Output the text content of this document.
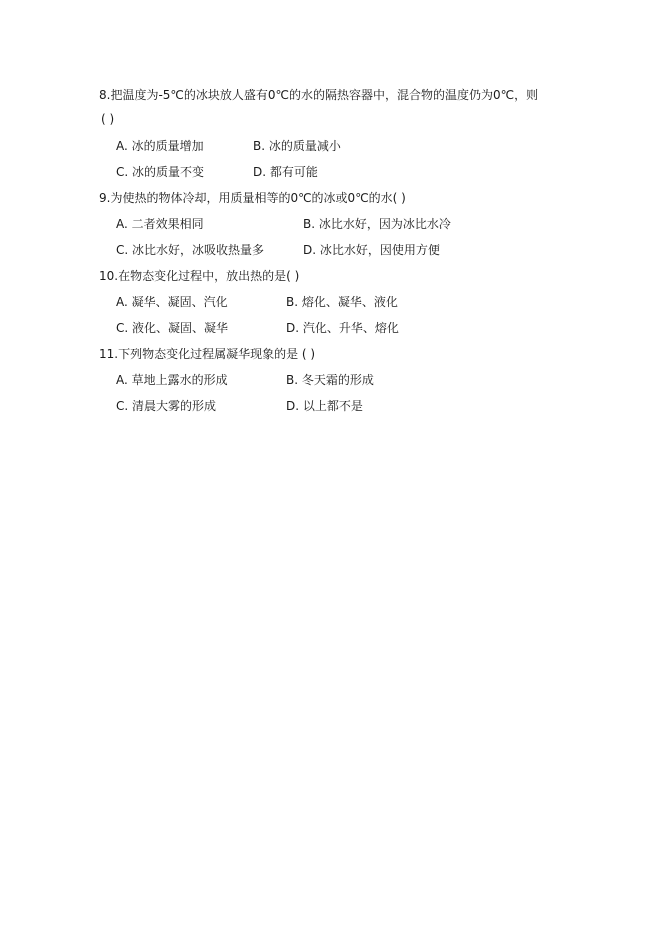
8.把温度为-5℃的冰块放人盛有0℃的水的隔热容器中，混合物的温度仍为0℃，则
( )
A. 冰的质量增加	B. 冰的质量减小
C. 冰的质量不变	D. 都有可能
9.为使热的物体冷却，用质量相等的0℃的冰或0℃的水( )
A. 二者效果相同	B. 冰比水好，因为冰比水冷
C. 冰比水好，冰吸收热量多	D. 冰比水好，因使用方便
10.在物态变化过程中，放出热的是( )
A. 凝华、凝固、汽化	B. 熔化、凝华、液化
C. 液化、凝固、凝华	D. 汽化、升华、熔化
11.下列物态变化过程属凝华现象的是 ( )
A. 草地上露水的形成	B. 冬天霜的形成
C. 清晨大雾的形成	D. 以上都不是
